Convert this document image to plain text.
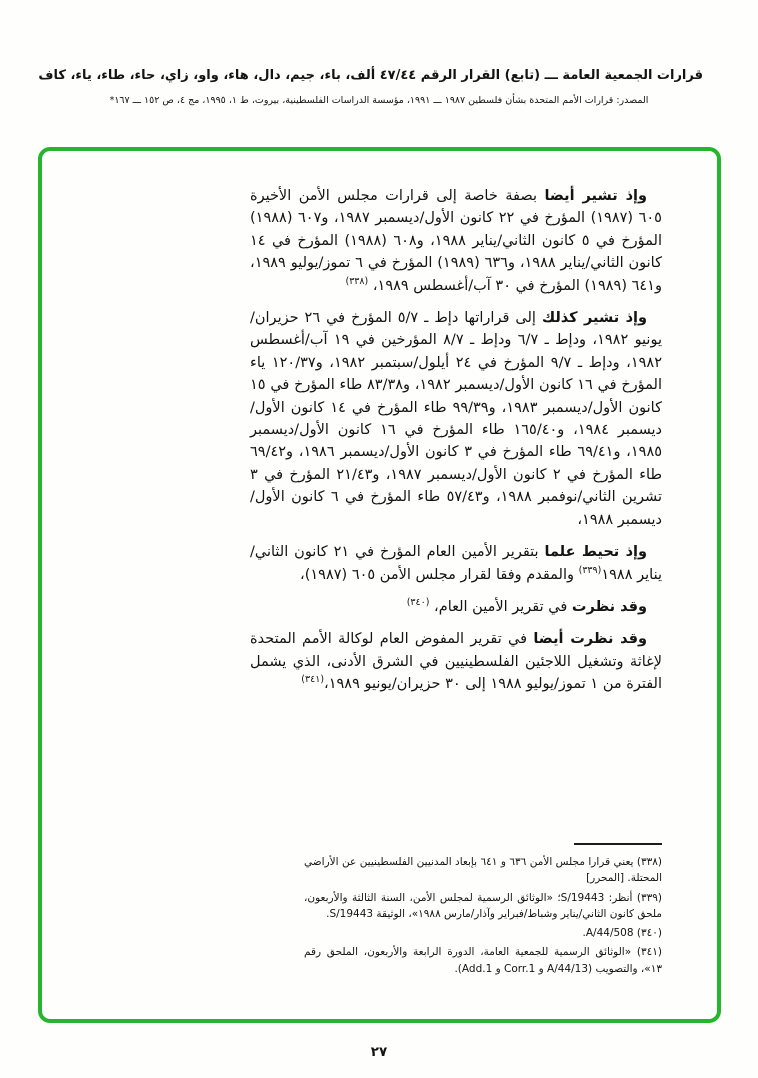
قرارات الجمعية العامة ـــ (تابع) القرار الرقم ٤٧/٤٤ ألف، باء، جيم، دال، هاء، واو، زاي، حاء، طاء، ياء، كاف
المصدر: قرارات الأمم المتحدة بشأن فلسطين ١٩٨٧ ـــ ١٩٩١، مؤسسة الدراسات الفلسطينية، بيروت، ط ١، ١٩٩٥، مج ٤، ص ١٥٢ ـــ ١٦٧*

وإذ تشير أيضا بصفة خاصة إلى قرارات مجلس الأمن الأخيرة ٦٠٥ (١٩٨٧) المؤرخ في ٢٢ كانون الأول/ديسمبر ١٩٨٧، و٦٠٧ (١٩٨٨) المؤرخ في ٥ كانون الثاني/يناير ١٩٨٨، و٦٠٨ (١٩٨٨) المؤرخ في ١٤ كانون الثاني/يناير ١٩٨٨، و٦٣٦ (١٩٨٩) المؤرخ في ٦ تموز/يوليو ١٩٨٩، و٦٤١ (١٩٨٩) المؤرخ في ٣٠ آب/أغسطس ١٩٨٩، $^{(٣٣٨)}$

وإذ تشير كذلك إلى قراراتها دإط ـ ٥/٧ المؤرخ في ٢٦ حزيران/يونيو ١٩٨٢، ودإط ـ ٦/٧ ودإط ـ ٨/٧ المؤرخين في ١٩ آب/أغسطس ١٩٨٢، ودإط ـ ٩/٧ المؤرخ في ٢٤ أيلول/سبتمبر ١٩٨٢، و١٢٠/٣٧ ياء المؤرخ في ١٦ كانون الأول/ديسمبر ١٩٨٢، و٨٣/٣٨ طاء المؤرخ في ١٥ كانون الأول/ديسمبر ١٩٨٣، و٩٩/٣٩ طاء المؤرخ في ١٤ كانون الأول/ديسمبر ١٩٨٤، و١٦٥/٤٠ طاء المؤرخ في ١٦ كانون الأول/ديسمبر ١٩٨٥، و٦٩/٤١ طاء المؤرخ في ٣ كانون الأول/ديسمبر ١٩٨٦، و٦٩/٤٢ طاء المؤرخ في ٢ كانون الأول/ديسمبر ١٩٨٧، و٢١/٤٣ المؤرخ في ٣ تشرين الثاني/نوفمبر ١٩٨٨، و٥٧/٤٣ طاء المؤرخ في ٦ كانون الأول/ديسمبر ١٩٨٨،

وإذ تحيط علما بتقرير الأمين العام المؤرخ في ٢١ كانون الثاني/يناير ١٩٨٨$^{(٣٣٩)}$ والمقدم وفقا لقرار مجلس الأمن ٦٠٥ (١٩٨٧)،

وقد نظرت في تقرير الأمين العام، $^{(٣٤٠)}$

وقد نظرت أيضا في تقرير المفوض العام لوكالة الأمم المتحدة لإغاثة وتشغيل اللاجئين الفلسطينيين في الشرق الأدنى، الذي يشمل الفترة من ١ تموز/يوليو ١٩٨٨ إلى ٣٠ حزيران/يونيو ١٩٨٩،$^{(٣٤١)}$

(٣٣٨) يعني قرارا مجلس الأمن ٦٣٦ و ٦٤١ بإبعاد المدنيين الفلسطينيين عن الأراضي المحتلة. [المحرر]
(٣٣٩) أنظر: S/19443؛ «الوثائق الرسمية لمجلس الأمن، السنة الثالثة والأربعون، ملحق كانون الثاني/يناير وشباط/فبراير وآذار/مارس ١٩٨٨»، الوثيقة S/19443.
(٣٤٠) A/44/508.
(٣٤١) «الوثائق الرسمية للجمعية العامة، الدورة الرابعة والأربعون، الملحق رقم ١٣»، والتصويب (A/44/13 و Corr.1 و Add.1).
٢٧
